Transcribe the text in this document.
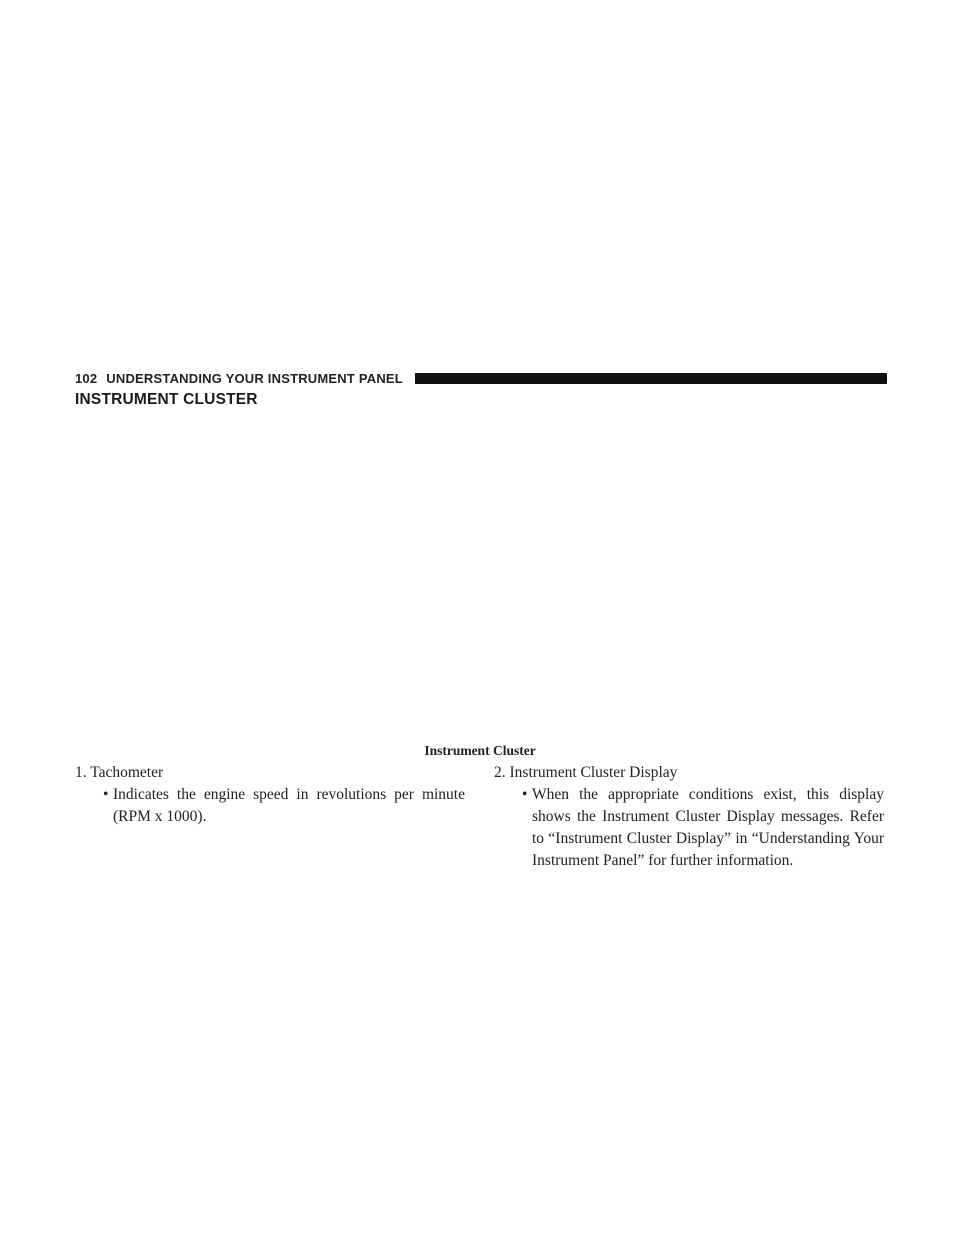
102 UNDERSTANDING YOUR INSTRUMENT PANEL
INSTRUMENT CLUSTER
Instrument Cluster

1. Tachometer

• Indicates the engine speed in revolutions per minute (RPM x 1000).

2. Instrument Cluster Display

• When the appropriate conditions exist, this display shows the Instrument Cluster Display messages. Refer to “Instrument Cluster Display” in “Understanding Your Instrument Panel” for further information.
